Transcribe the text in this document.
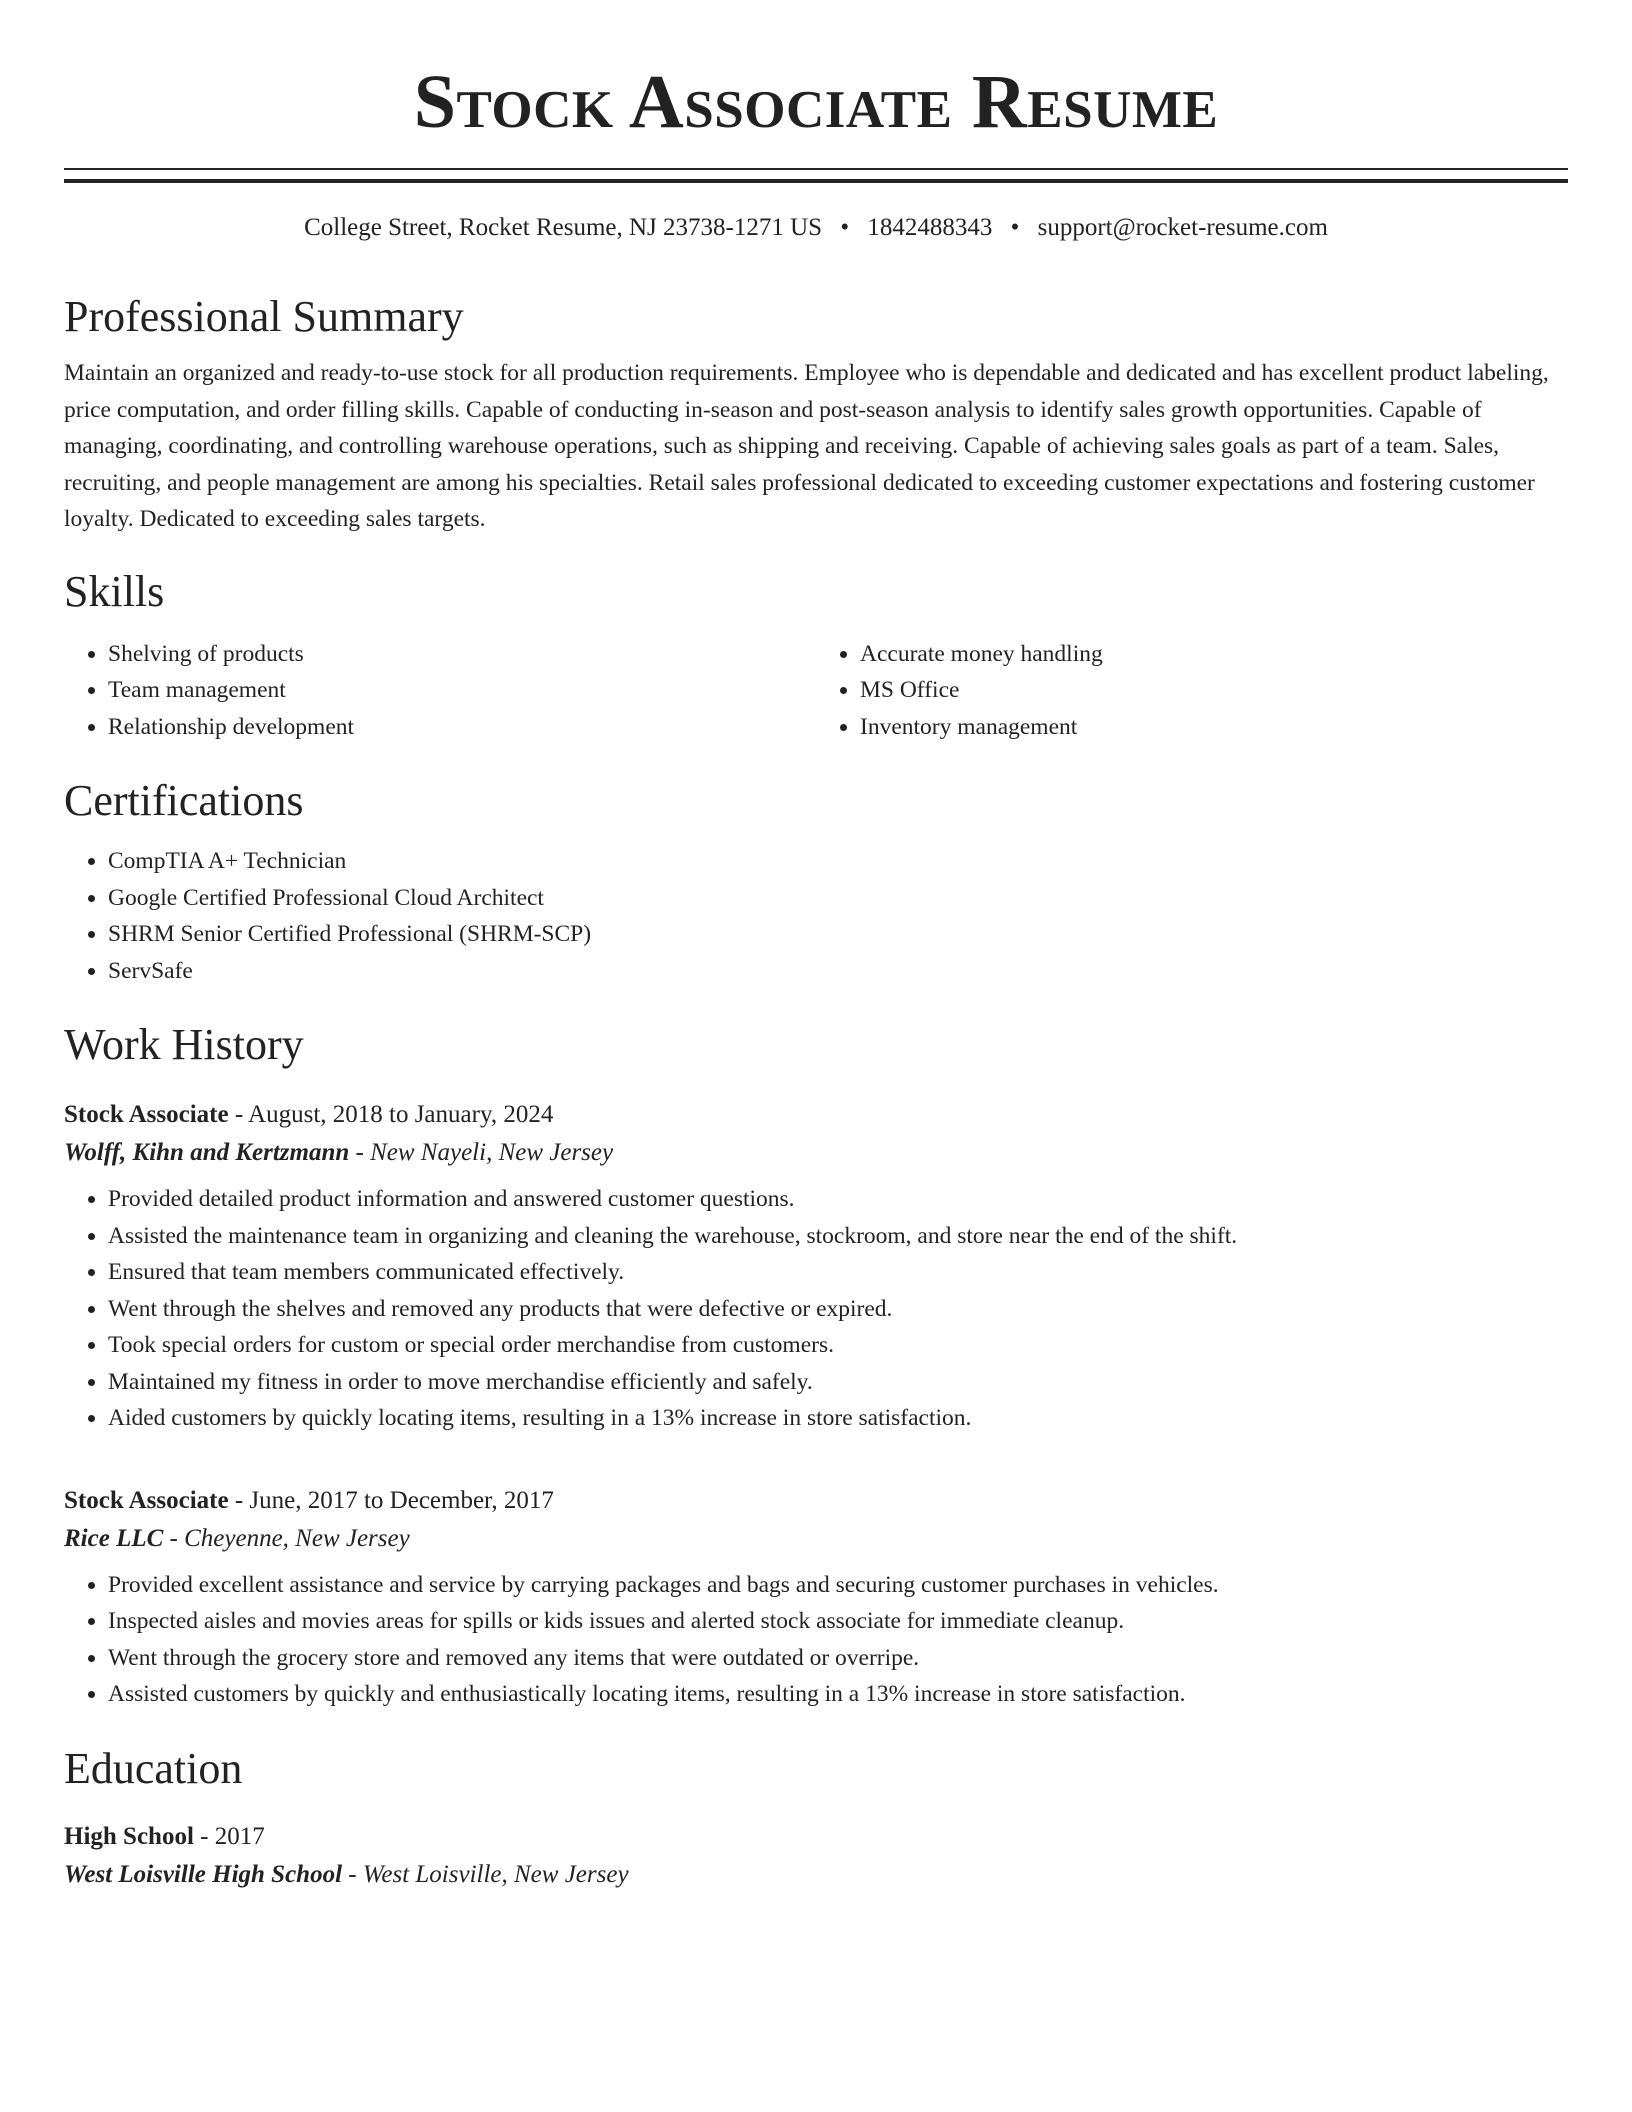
Stock Associate Resume
College Street, Rocket Resume, NJ 23738-1271 US • 1842488343 • support@rocket-resume.com
Professional Summary

Maintain an organized and ready-to-use stock for all production requirements. Employee who is dependable and dedicated and has excellent product labeling, price computation, and order filling skills. Capable of conducting in-season and post-season analysis to identify sales growth opportunities. Capable of managing, coordinating, and controlling warehouse operations, such as shipping and receiving. Capable of achieving sales goals as part of a team. Sales, recruiting, and people management are among his specialties. Retail sales professional dedicated to exceeding customer expectations and fostering customer loyalty. Dedicated to exceeding sales targets.

Skills
• Shelving of products
• Team management
• Relationship development
• Accurate money handling
• MS Office
• Inventory management
Certifications
• CompTIA A+ Technician
• Google Certified Professional Cloud Architect
• SHRM Senior Certified Professional (SHRM-SCP)
• ServSafe
Work History
Stock Associate - August, 2018 to January, 2024
Wolff, Kihn and Kertzmann - New Nayeli, New Jersey
• Provided detailed product information and answered customer questions.
• Assisted the maintenance team in organizing and cleaning the warehouse, stockroom, and store near the end of the shift.
• Ensured that team members communicated effectively.
• Went through the shelves and removed any products that were defective or expired.
• Took special orders for custom or special order merchandise from customers.
• Maintained my fitness in order to move merchandise efficiently and safely.
• Aided customers by quickly locating items, resulting in a 13% increase in store satisfaction.
Stock Associate - June, 2017 to December, 2017
Rice LLC - Cheyenne, New Jersey
• Provided excellent assistance and service by carrying packages and bags and securing customer purchases in vehicles.
• Inspected aisles and movies areas for spills or kids issues and alerted stock associate for immediate cleanup.
• Went through the grocery store and removed any items that were outdated or overripe.
• Assisted customers by quickly and enthusiastically locating items, resulting in a 13% increase in store satisfaction.
Education
High School - 2017
West Loisville High School - West Loisville, New Jersey
